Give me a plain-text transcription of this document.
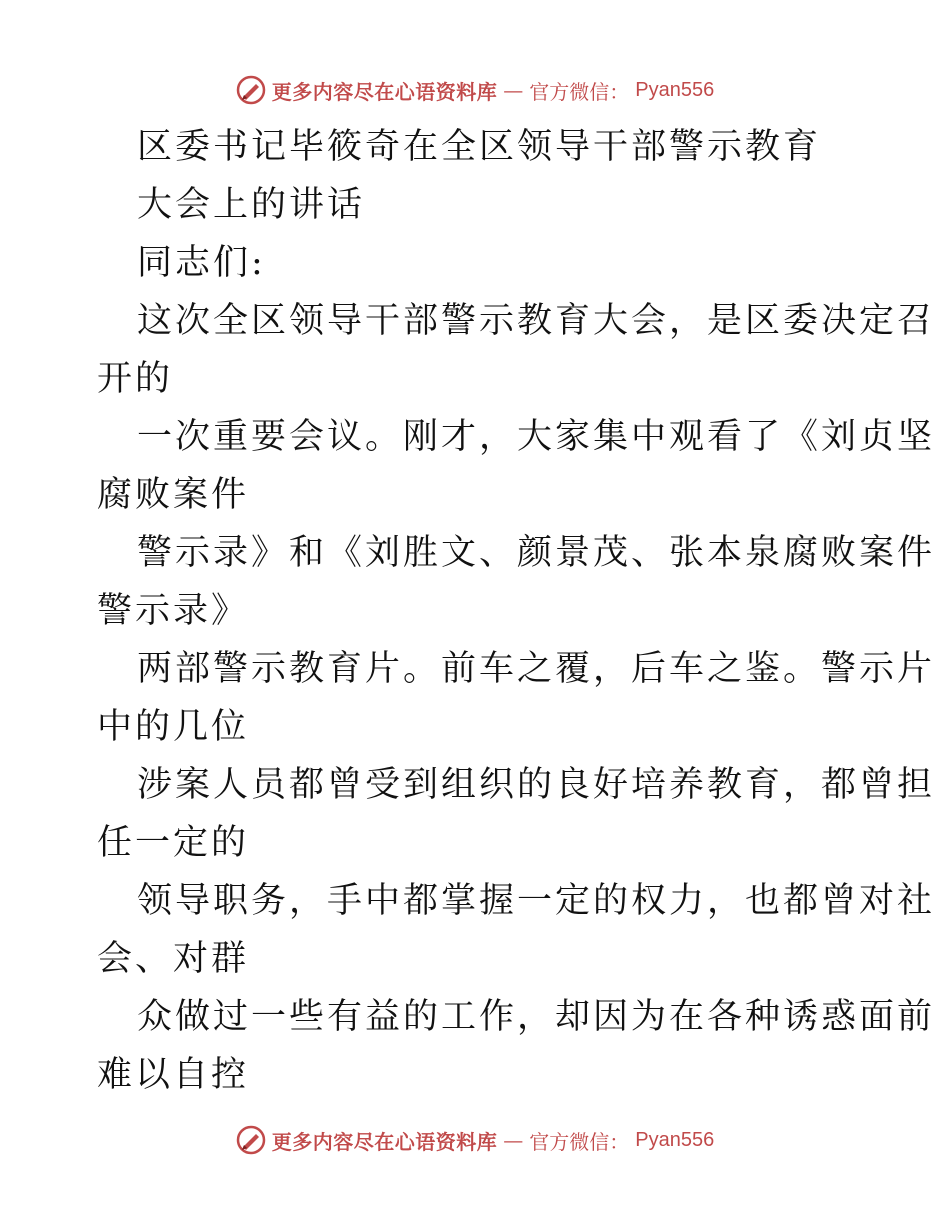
更多内容尽在心语资料库 — 官方微信： Pyan556
区委书记毕筱奇在全区领导干部警示教育
大会上的讲话
同志们:
这次全区领导干部警示教育大会，是区委决定召
开的
一次重要会议。刚才，大家集中观看了《刘贞坚
腐败案件
警示录》和《刘胜文、颜景茂、张本泉腐败案件
警示录》
两部警示教育片。前车之覆，后车之鉴。警示片
中的几位
涉案人员都曾受到组织的良好培养教育，都曾担
任一定的
领导职务，手中都掌握一定的权力，也都曾对社
会、对群
众做过一些有益的工作，却因为在各种诱惑面前
难以自控
更多内容尽在心语资料库 — 官方微信： Pyan556
